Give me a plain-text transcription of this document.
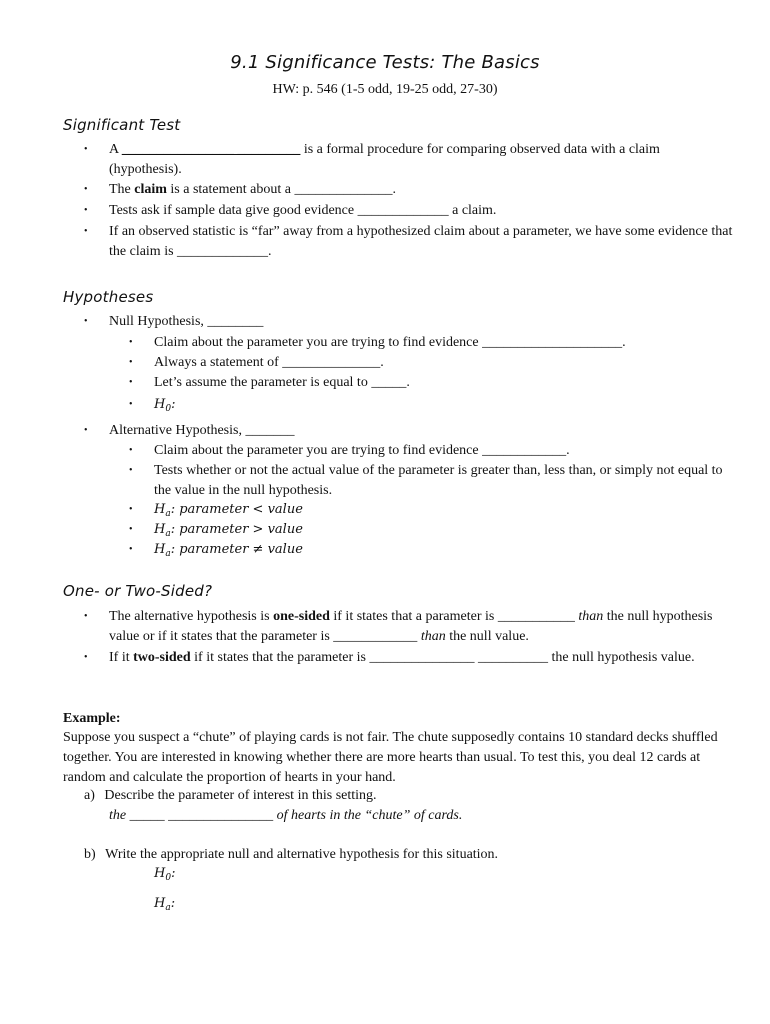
9.1 Significance Tests: The Basics
HW: p. 546 (1-5 odd, 19-25 odd, 27-30)
Significant Test
• A ________________ _________ is a formal procedure for comparing observed data with a claim (hypothesis).
• The claim is a statement about a ______________.
• Tests ask if sample data give good evidence _____________ a claim.
• If an observed statistic is “far” away from a hypothesized claim about a parameter, we have some evidence that the claim is _____________.
Hypotheses
• Null Hypothesis, ________
• Claim about the parameter you are trying to find evidence ____________________.
• Always a statement of ______________.
• Let’s assume the parameter is equal to _____.
• $H_0$:
• Alternative Hypothesis, _______
• Claim about the parameter you are trying to find evidence ____________.
• Tests whether or not the actual value of the parameter is greater than, less than, or simply not equal to the value in the null hypothesis.
• $H_a$: parameter < value
• $H_a$: parameter > value
• $H_a$: parameter ≠ value
One- or Two-Sided?
• The alternative hypothesis is one-sided if it states that a parameter is ___________ than the null hypothesis value or if it states that the parameter is ____________ than the null value.
• If it two-sided if it states that the parameter is _______________ __________ the null hypothesis value.
Example:
Suppose you suspect a “chute” of playing cards is not fair. The chute supposedly contains 10 standard decks shuffled together. You are interested in knowing whether there are more hearts than usual. To test this, you deal 12 cards at random and calculate the proportion of hearts in your hand.
a) Describe the parameter of interest in this setting.
the _____ _______________ of hearts in the “chute” of cards.
b) Write the appropriate null and alternative hypothesis for this situation.
$H_0$:
$H_a$:
